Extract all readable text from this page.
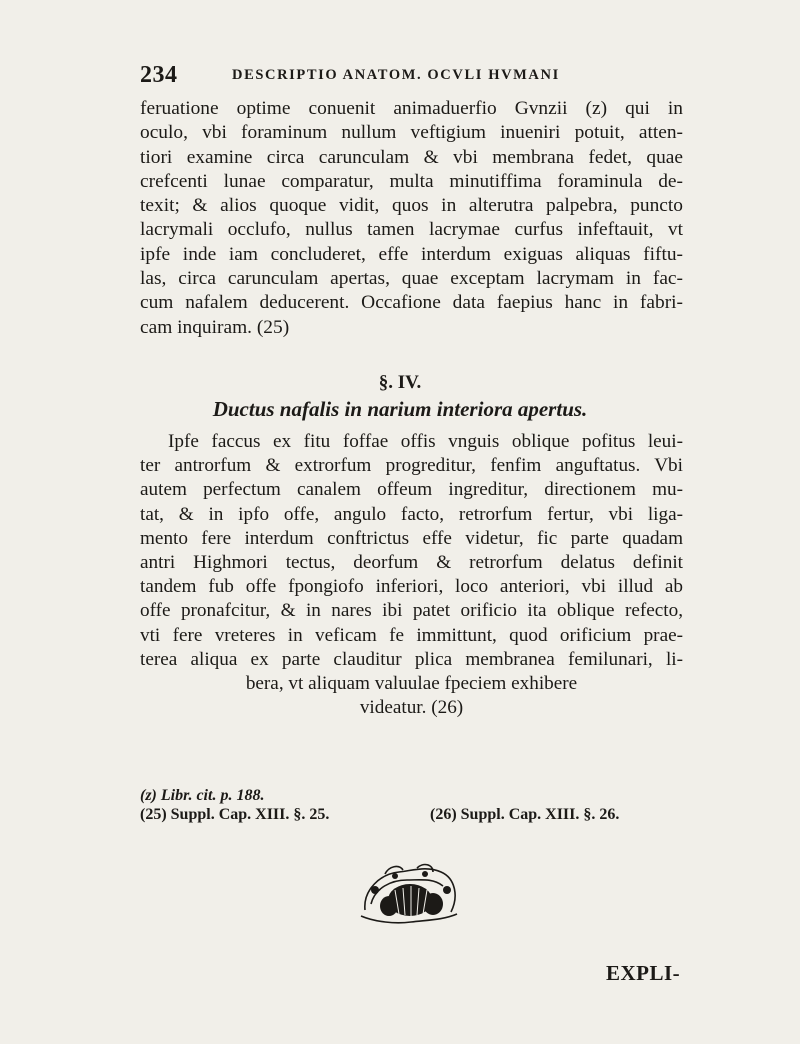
234	DESCRIPTIO ANATOM. OCVLI HVMANI
feruatione optime conuenit animaduerfio Gvnzii (z) qui in
oculo, vbi foraminum nullum veftigium inueniri potuit, atten-
tiori examine circa carunculam & vbi membrana fedet, quae
crefcenti lunae comparatur, multa minutiffima foraminula de-
texit; & alios quoque vidit, quos in alterutra palpebra, puncto
lacrymali occlufo, nullus tamen lacrymae curfus infeftauit, vt
ipfe inde iam concluderet, effe interdum exiguas aliquas fiftu-
las, circa carunculam apertas, quae exceptam lacrymam in fac-
cum nafalem deducerent. Occafione data faepius hanc in fabri-
cam inquiram. (25)
§. IV.
Ductus nafalis in narium interiora apertus.
Ipfe faccus ex fitu foffae offis vnguis oblique pofitus leui-
ter antrorfum & extrorfum progreditur, fenfim anguftatus. Vbi
autem perfectum canalem offeum ingreditur, directionem mu-
tat, & in ipfo offe, angulo facto, retrorfum fertur, vbi liga-
mento fere interdum conftrictus effe videtur, fic parte quadam
antri Highmori tectus, deorfum & retrorfum delatus definit
tandem fub offe fpongiofo inferiori, loco anteriori, vbi illud ab
offe pronafcitur, & in nares ibi patet orificio ita oblique refecto,
vti fere vreteres in veficam fe immittunt, quod orificium prae-
terea aliqua ex parte clauditur plica membranea femilunari, li-
bera, vt aliquam valuulae fpeciem exhibere
videatur. (26)
(z) Libr. cit. p. 188.
(25) Suppl. Cap. XIII. §. 25.	(26) Suppl. Cap. XIII. §. 26.
EXPLI-
